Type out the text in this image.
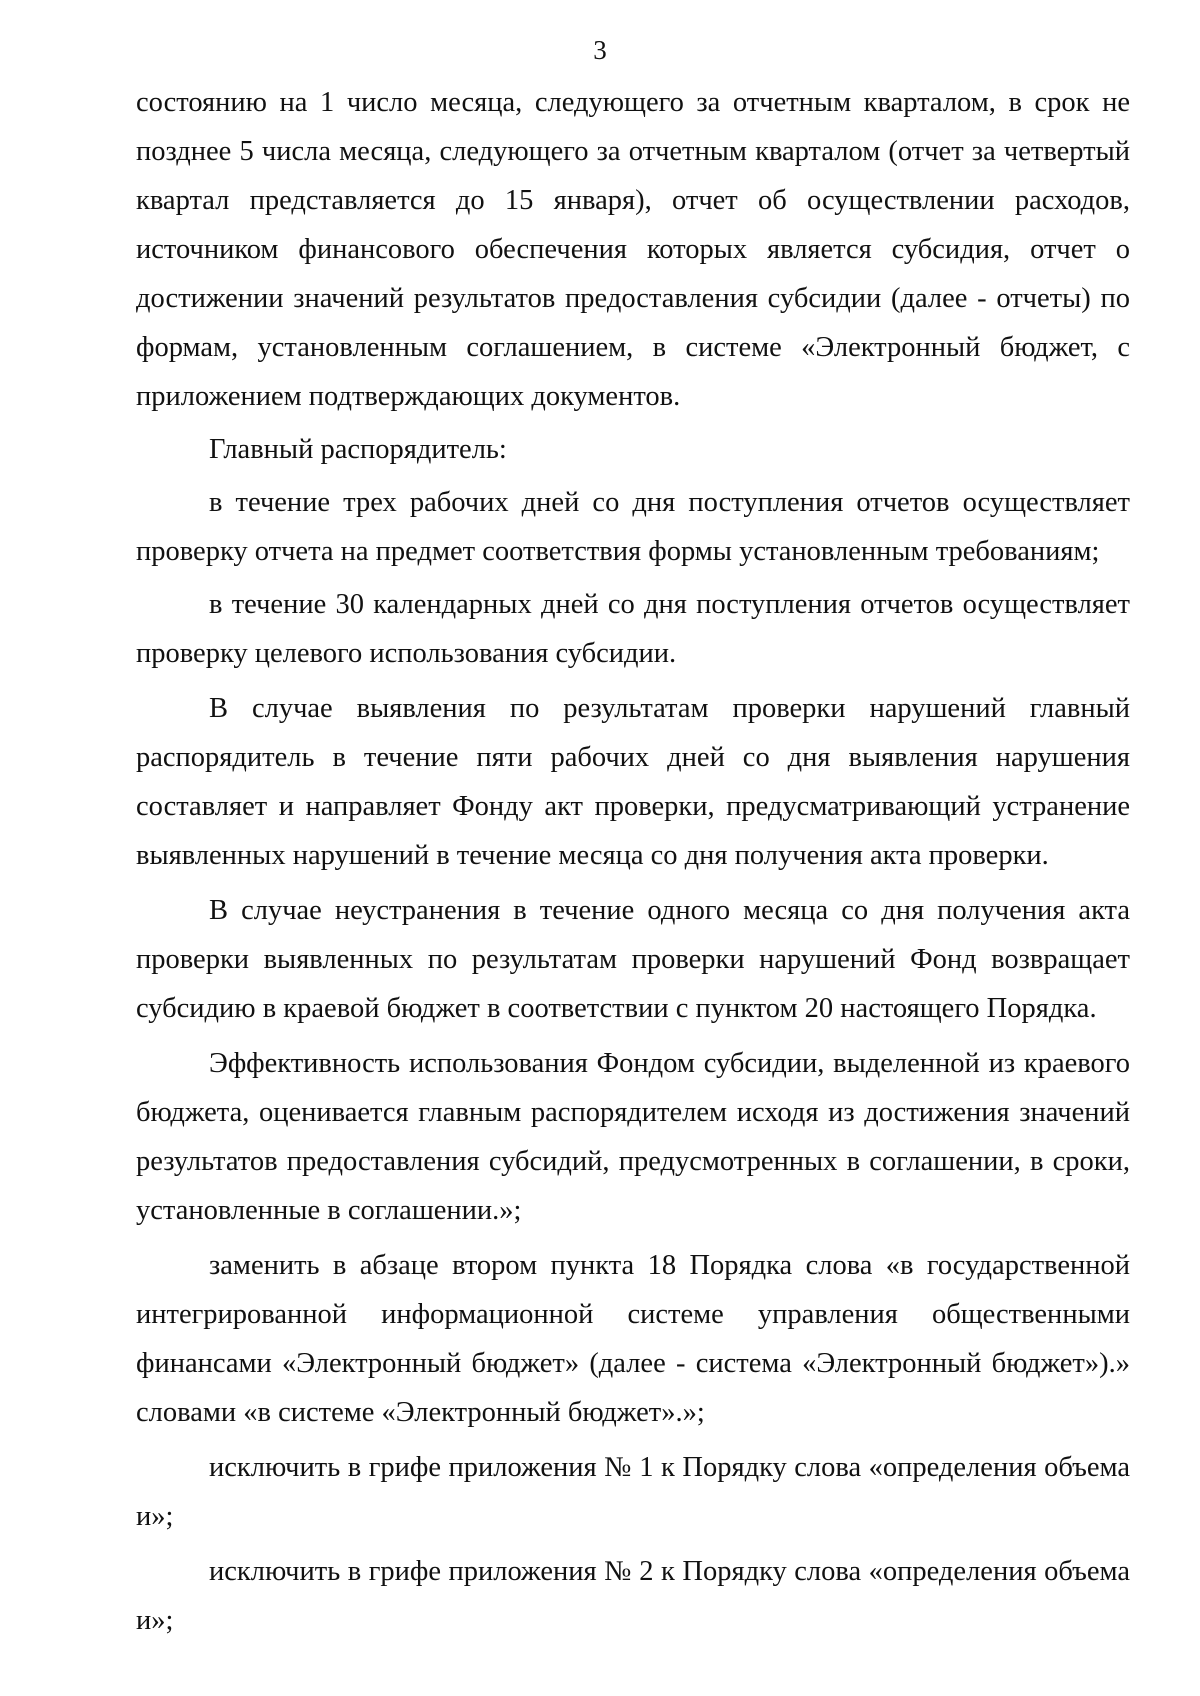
3

состоянию на 1 число месяца, следующего за отчетным кварталом, в срок не позднее 5 числа месяца, следующего за отчетным кварталом (отчет за четвертый квартал представляется до 15 января), отчет об осуществлении расходов, источником финансового обеспечения которых является субсидия, отчет о достижении значений результатов предоставления субсидии (далее - отчеты) по формам, установленным соглашением, в системе «Электронный бюджет, с приложением подтверждающих документов.

Главный распорядитель:

в течение трех рабочих дней со дня поступления отчетов осуществляет проверку отчета на предмет соответствия формы установленным требованиям;

в течение 30 календарных дней со дня поступления отчетов осуществляет проверку целевого использования субсидии.

В случае выявления по результатам проверки нарушений главный распорядитель в течение пяти рабочих дней со дня выявления нарушения составляет и направляет Фонду акт проверки, предусматривающий устранение выявленных нарушений в течение месяца со дня получения акта проверки.

В случае неустранения в течение одного месяца со дня получения акта проверки выявленных по результатам проверки нарушений Фонд возвращает субсидию в краевой бюджет в соответствии с пунктом 20 настоящего Порядка.

Эффективность использования Фондом субсидии, выделенной из краевого бюджета, оценивается главным распорядителем исходя из достижения значений результатов предоставления субсидий, предусмотренных в соглашении, в сроки, установленные в соглашении.»;

заменить в абзаце втором пункта 18 Порядка слова «в государственной интегрированной информационной системе управления общественными финансами «Электронный бюджет» (далее - система «Электронный бюджет»).» словами «в системе «Электронный бюджет».»;

исключить в грифе приложения № 1 к Порядку слова «определения объема и»;

исключить в грифе приложения № 2 к Порядку слова «определения объема и»;
